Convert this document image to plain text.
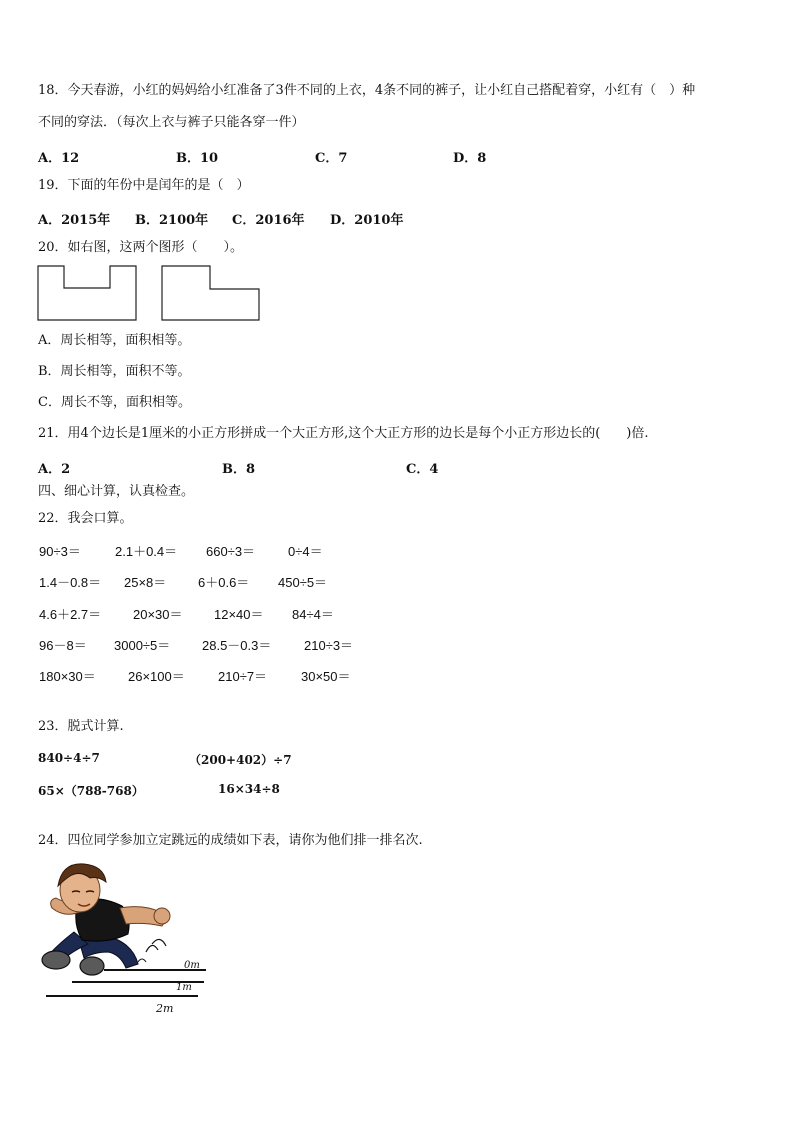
18．今天春游，小红的妈妈给小红准备了3件不同的上衣，4条不同的裤子，让小红自己搭配着穿，小红有（　）种
不同的穿法．（每次上衣与裤子只能各穿一件）
A．12	B．10	C．7	D．8
19．下面的年份中是闰年的是（　）
A．2015年 B．2100年 C．2016年 D．2010年
20．如右图，这两个图形（　　）。
A．周长相等，面积相等。
B．周长相等，面积不等。
C．周长不等，面积相等。
21．用4个边长是1厘米的小正方形拼成一个大正方形,这个大正方形的边长是每个小正方形边长的(　　)倍.
A．2	B．8	C．4
四、细心计算，认真检查。
22．我会口算。
90÷3＝	2.1＋0.4＝ 660÷3＝	0÷4＝
1.4－0.8＝ 25×8＝ 6＋0.6＝ 450÷5＝
4.6＋2.7＝ 20×30＝ 12×40＝ 84÷4＝
96－8＝ 3000÷5＝ 28.5－0.3＝	210÷3＝
180×30＝ 26×100＝	210÷7＝	30×50＝
23．脱式计算.
840÷4÷7	（200+402）÷7
65×（788-768）	16×34÷8
24．四位同学参加立定跳远的成绩如下表，请你为他们排一排名次.
0m
1m
2m
